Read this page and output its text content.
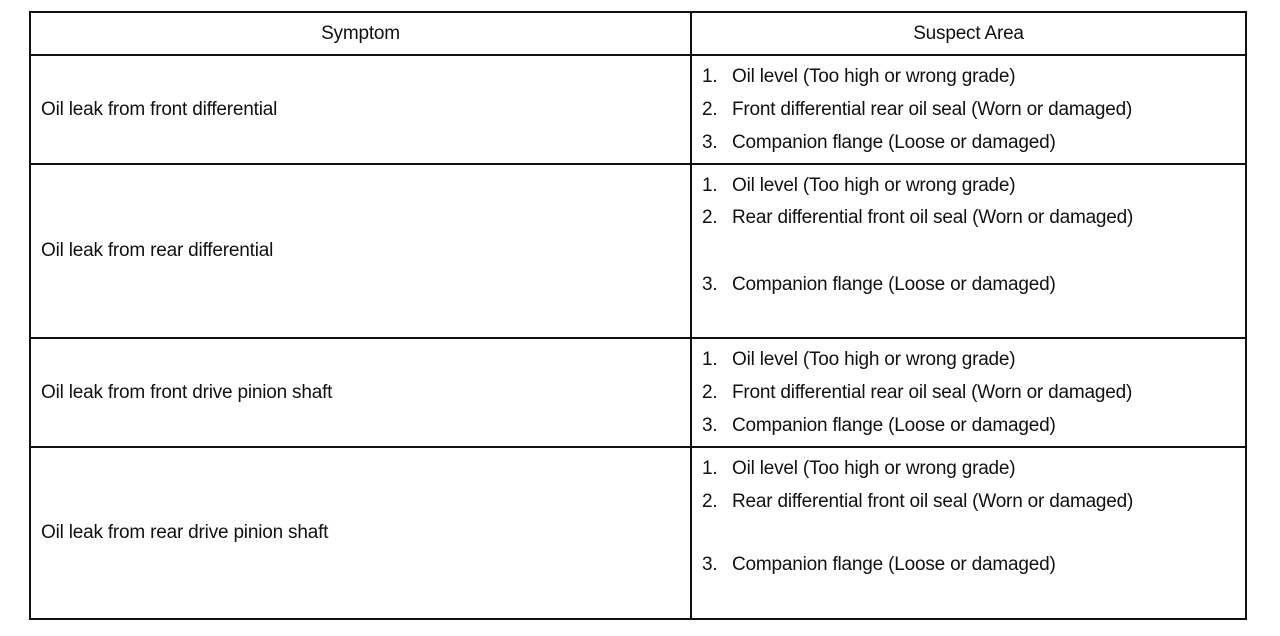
Symptom	Suspect Area
Oil leak from front differential
1. Oil level (Too high or wrong grade)
2. Front differential rear oil seal (Worn or damaged)
3. Companion flange (Loose or damaged)
Oil leak from rear differential
1. Oil level (Too high or wrong grade)
2. Rear differential front oil seal (Worn or damaged)
3. Companion flange (Loose or damaged)
Oil leak from front drive pinion shaft
1. Oil level (Too high or wrong grade)
2. Front differential rear oil seal (Worn or damaged)
3. Companion flange (Loose or damaged)
Oil leak from rear drive pinion shaft
1. Oil level (Too high or wrong grade)
2. Rear differential front oil seal (Worn or damaged)
3. Companion flange (Loose or damaged)
